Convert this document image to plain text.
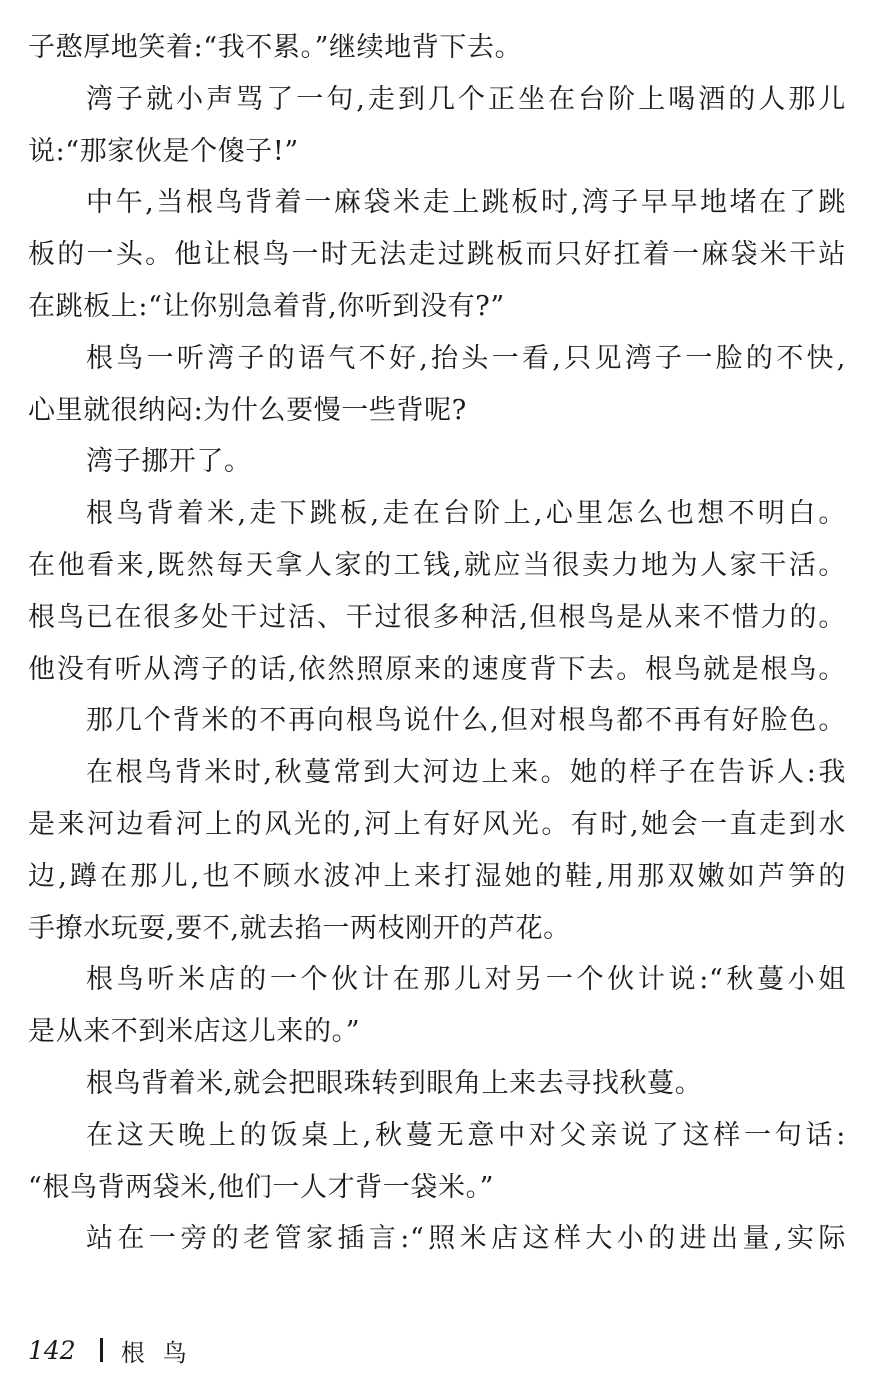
子憨厚地笑着:“我不累。”继续地背下去。
湾子就小声骂了一句,走到几个正坐在台阶上喝酒的人那儿
说:“那家伙是个傻子!”
中午,当根鸟背着一麻袋米走上跳板时,湾子早早地堵在了跳
板的一头。他让根鸟一时无法走过跳板而只好扛着一麻袋米干站
在跳板上:“让你别急着背,你听到没有?”
根鸟一听湾子的语气不好,抬头一看,只见湾子一脸的不快,
心里就很纳闷:为什么要慢一些背呢?
湾子挪开了。
根鸟背着米,走下跳板,走在台阶上,心里怎么也想不明白。
在他看来,既然每天拿人家的工钱,就应当很卖力地为人家干活。
根鸟已在很多处干过活、干过很多种活,但根鸟是从来不惜力的。
他没有听从湾子的话,依然照原来的速度背下去。根鸟就是根鸟。
那几个背米的不再向根鸟说什么,但对根鸟都不再有好脸色。
在根鸟背米时,秋蔓常到大河边上来。她的样子在告诉人:我
是来河边看河上的风光的,河上有好风光。有时,她会一直走到水
边,蹲在那儿,也不顾水波冲上来打湿她的鞋,用那双嫩如芦笋的
手撩水玩耍,要不,就去掐一两枝刚开的芦花。
根鸟听米店的一个伙计在那儿对另一个伙计说:“秋蔓小姐
是从来不到米店这儿来的。”
根鸟背着米,就会把眼珠转到眼角上来去寻找秋蔓。
在这天晚上的饭桌上,秋蔓无意中对父亲说了这样一句话:
“根鸟背两袋米,他们一人才背一袋米。”
站在一旁的老管家插言:“照米店这样大小的进出量,实际
142 根鸟
